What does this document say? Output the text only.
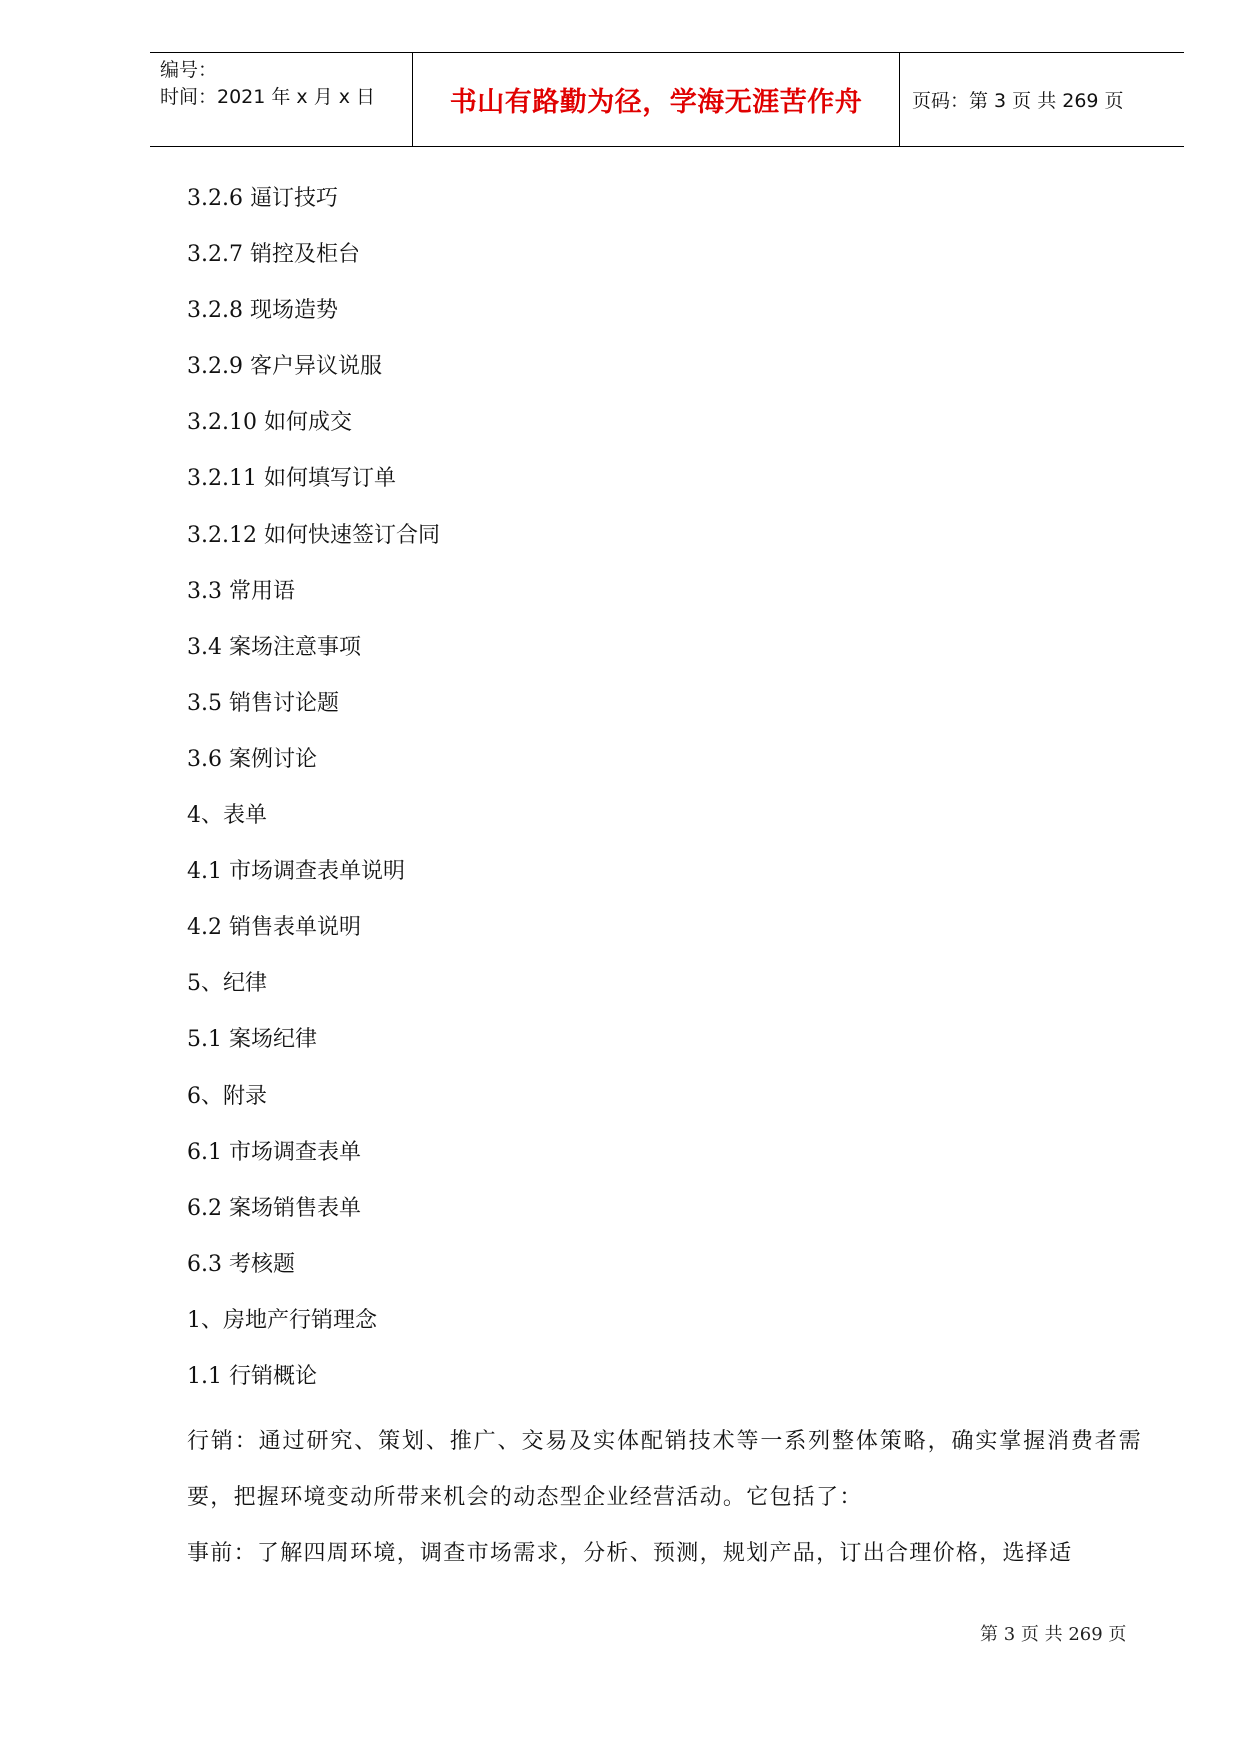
编号：
时间：2021 年 x 月 x 日	书山有路勤为径，学海无涯苦作舟	页码：第 3 页 共 269 页
3.2.6 逼订技巧
3.2.7 销控及柜台
3.2.8 现场造势
3.2.9 客户异议说服
3.2.10 如何成交
3.2.11 如何填写订单
3.2.12 如何快速签订合同
3.3 常用语
3.4 案场注意事项
3.5 销售讨论题
3.6 案例讨论
4、表单
4.1 市场调查表单说明
4.2 销售表单说明
5、纪律
5.1 案场纪律
6、附录
6.1 市场调查表单
6.2 案场销售表单
6.3 考核题
1、房地产行销理念
1.1 行销概论
行销：通过研究、策划、推广、交易及实体配销技术等一系列整体策略，确实掌握消费者需要，把握环境变动所带来机会的动态型企业经营活动。它包括了：
事前：了解四周环境，调查市场需求，分析、预测，规划产品，订出合理价格，选择适
第 3 页 共 269 页
